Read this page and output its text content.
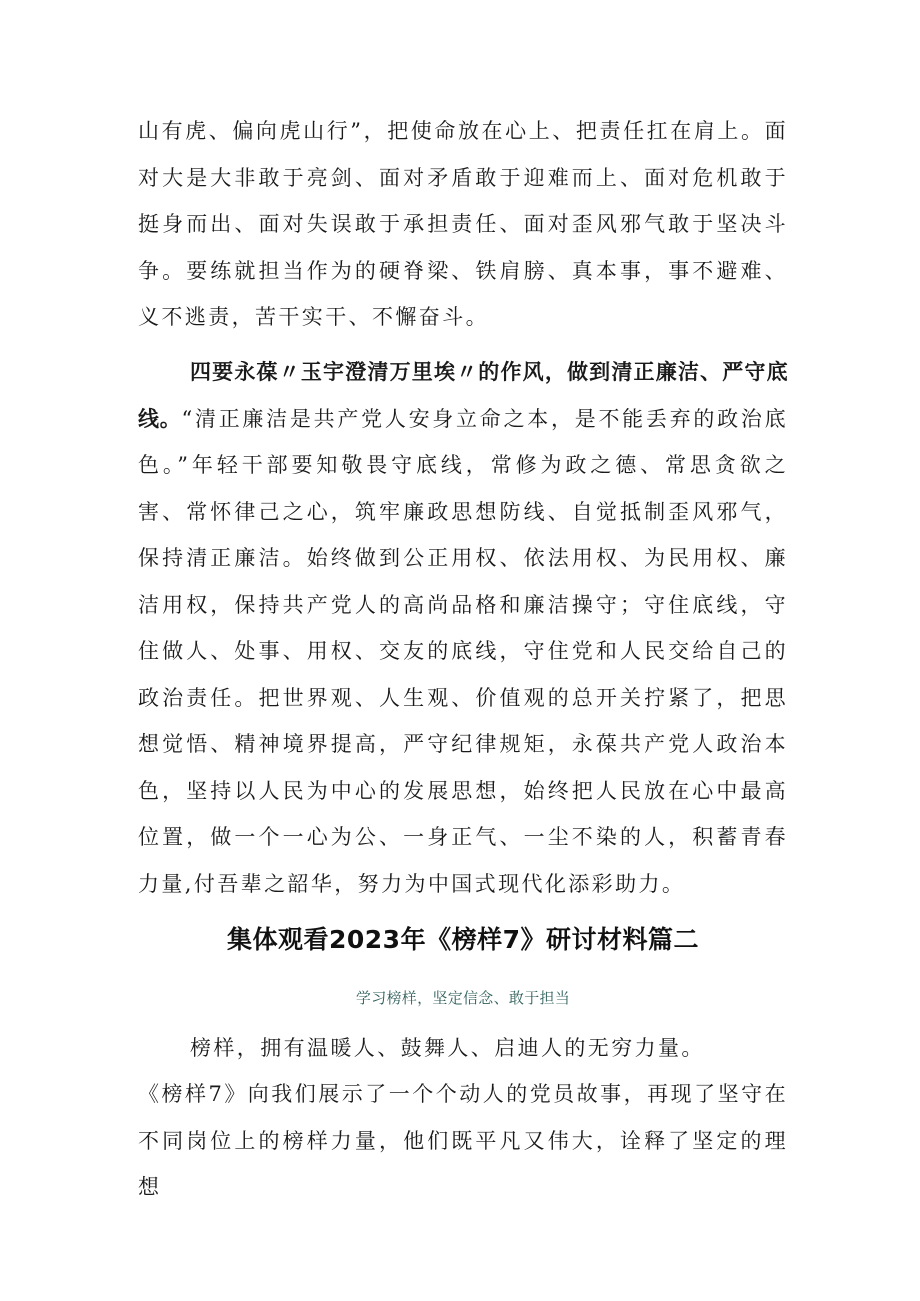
山有虎、偏向虎山行”，把使命放在心上、把责任扛在肩上。面对大是大非敢于亮剑、面对矛盾敢于迎难而上、面对危机敢于挺身而出、面对失误敢于承担责任、面对歪风邪气敢于坚决斗争。要练就担当作为的硬脊梁、铁肩膀、真本事，事不避难、义不逃责，苦干实干、不懈奋斗。

四要永葆〃玉宇澄清万里埃〃的作风，做到清正廉洁、严守底线。“清正廉洁是共产党人安身立命之本，是不能丢弃的政治底色。”年轻干部要知敬畏守底线，常修为政之德、常思贪欲之害、常怀律己之心，筑牢廉政思想防线、自觉抵制歪风邪气，保持清正廉洁。始终做到公正用权、依法用权、为民用权、廉洁用权，保持共产党人的高尚品格和廉洁操守；守住底线，守住做人、处事、用权、交友的底线，守住党和人民交给自己的政治责任。把世界观、人生观、价值观的总开关拧紧了，把思想觉悟、精神境界提高，严守纪律规矩，永葆共产党人政治本色，坚持以人民为中心的发展思想，始终把人民放在心中最高位置，做一个一心为公、一身正气、一尘不染的人，积蓄青春力量,付吾辈之韶华，努力为中国式现代化添彩助力。

集体观看2023年《榜样7》研讨材料篇二

学习榜样，坚定信念、敢于担当

榜样，拥有温暖人、鼓舞人、启迪人的无穷力量。

《榜样7》向我们展示了一个个动人的党员故事，再现了坚守在不同岗位上的榜样力量，他们既平凡又伟大，诠释了坚定的理想
